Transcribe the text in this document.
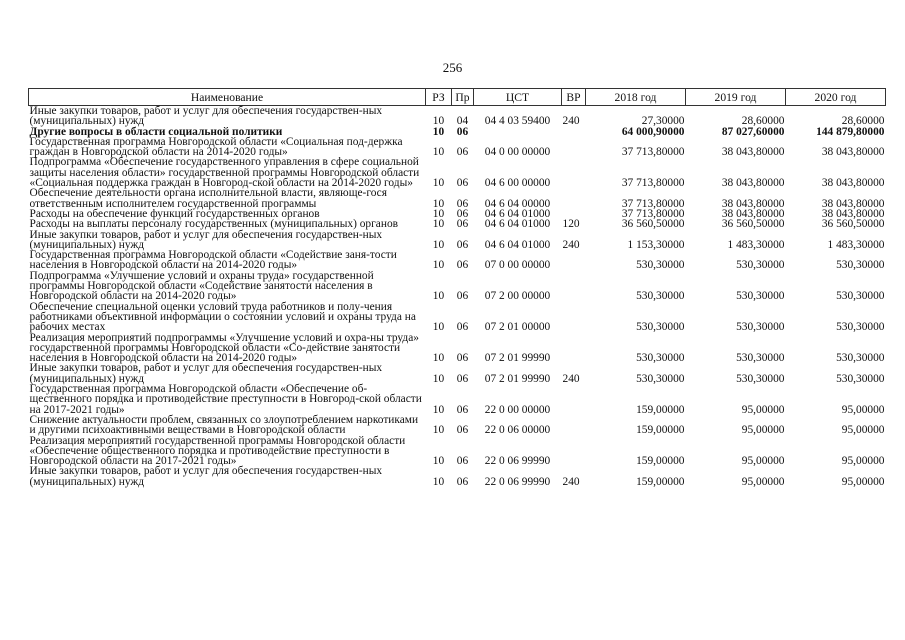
256
Наименование	РЗ	Пр	ЦСТ	ВР	2018 год	2019 год	2020 год
Иные закупки товаров, работ и услуг для обеспечения государствен-ных (муниципальных) нужд	10	04	04 4 03 59400	240	27,30000	28,60000	28,60000
Другие вопросы в области социальной политики	10	06			64 000,90000	87 027,60000	144 879,80000
Государственная программа Новгородской области «Социальная под-держка граждан в Новгородской области на 2014-2020 годы»	10	06	04 0 00 00000		37 713,80000	38 043,80000	38 043,80000
Подпрограмма «Обеспечение государственного управления в сфере социальной защиты населения области» государственной программы Новгородской области «Социальная поддержка граждан в Новгород-ской области на 2014-2020 годы»	10	06	04 6 00 00000		37 713,80000	38 043,80000	38 043,80000
Обеспечение деятельности органа исполнительной власти, являюще-гося ответственным исполнителем государственной программы	10	06	04 6 04 00000		37 713,80000	38 043,80000	38 043,80000
Расходы на обеспечение функций государственных органов	10	06	04 6 04 01000		37 713,80000	38 043,80000	38 043,80000
Расходы на выплаты персоналу государственных (муниципальных) органов	10	06	04 6 04 01000	120	36 560,50000	36 560,50000	36 560,50000
Иные закупки товаров, работ и услуг для обеспечения государствен-ных (муниципальных) нужд	10	06	04 6 04 01000	240	1 153,30000	1 483,30000	1 483,30000
Государственная программа Новгородской области «Содействие заня-тости населения в Новгородской области на 2014-2020 годы»	10	06	07 0 00 00000		530,30000	530,30000	530,30000
Подпрограмма «Улучшение условий и охраны труда» государственной программы Новгородской области «Содействие занятости населения в Новгородской области на 2014-2020 годы»	10	06	07 2 00 00000		530,30000	530,30000	530,30000
Обеспечение специальной оценки условий труда работников и полу-чения работниками объективной информации о состоянии условий и охраны труда на рабочих местах	10	06	07 2 01 00000		530,30000	530,30000	530,30000
Реализация мероприятий подпрограммы «Улучшение условий и охра-ны труда» государственной программы Новгородской области «Со-действие занятости населения в Новгородской области на 2014-2020 годы»	10	06	07 2 01 99990		530,30000	530,30000	530,30000
Иные закупки товаров, работ и услуг для обеспечения государствен-ных (муниципальных) нужд	10	06	07 2 01 99990	240	530,30000	530,30000	530,30000
Государственная программа Новгородской области «Обеспечение об-щественного порядка и противодействие преступности в Новгород-ской области на 2017-2021 годы»	10	06	22 0 00 00000		159,00000	95,00000	95,00000
Снижение актуальности проблем, связанных со злоупотреблением наркотиками и другими психоактивными веществами в Новгородской области	10	06	22 0 06 00000		159,00000	95,00000	95,00000
Реализация мероприятий государственной программы Новгородской области «Обеспечение общественного порядка и противодействие преступности в Новгородской области на 2017-2021 годы»	10	06	22 0 06 99990		159,00000	95,00000	95,00000
Иные закупки товаров, работ и услуг для обеспечения государствен-ных (муниципальных) нужд	10	06	22 0 06 99990	240	159,00000	95,00000	95,00000
